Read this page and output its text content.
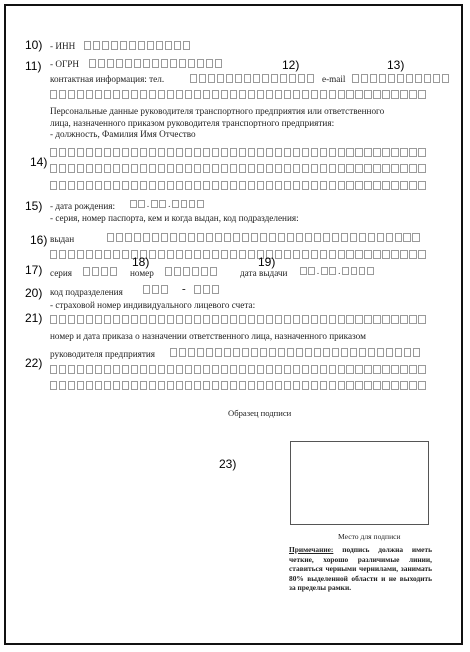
10) - ИНН
11) - ОГРН	12)	13)
контактная информация: тел.	e-mail
Персональные данные руководителя транспортного предприятия или ответственного
лица, назначенного приказом руководителя транспортного предприятия:
- должность, Фамилия Имя Отчество
14)
15) - дата рождения:	. .
- серия, номер паспорта, кем и когда выдан, код подразделения:
16) выдан
17)
18)	19)
серия	номер	дата выдачи	. .
20) код подразделения	-
- страховой номер индивидуального лицевого счета:
21)
номер и дата приказа о назначении ответственного лица, назначенного приказом
22)
руководителя предприятия
Образец подписи
23)
Место для подписи
Примечание: подпись должна иметь четкие, хорошо различимые линии, ставиться черными чернилами, занимать 80% выделенной области и не выходить за пределы рамки.
